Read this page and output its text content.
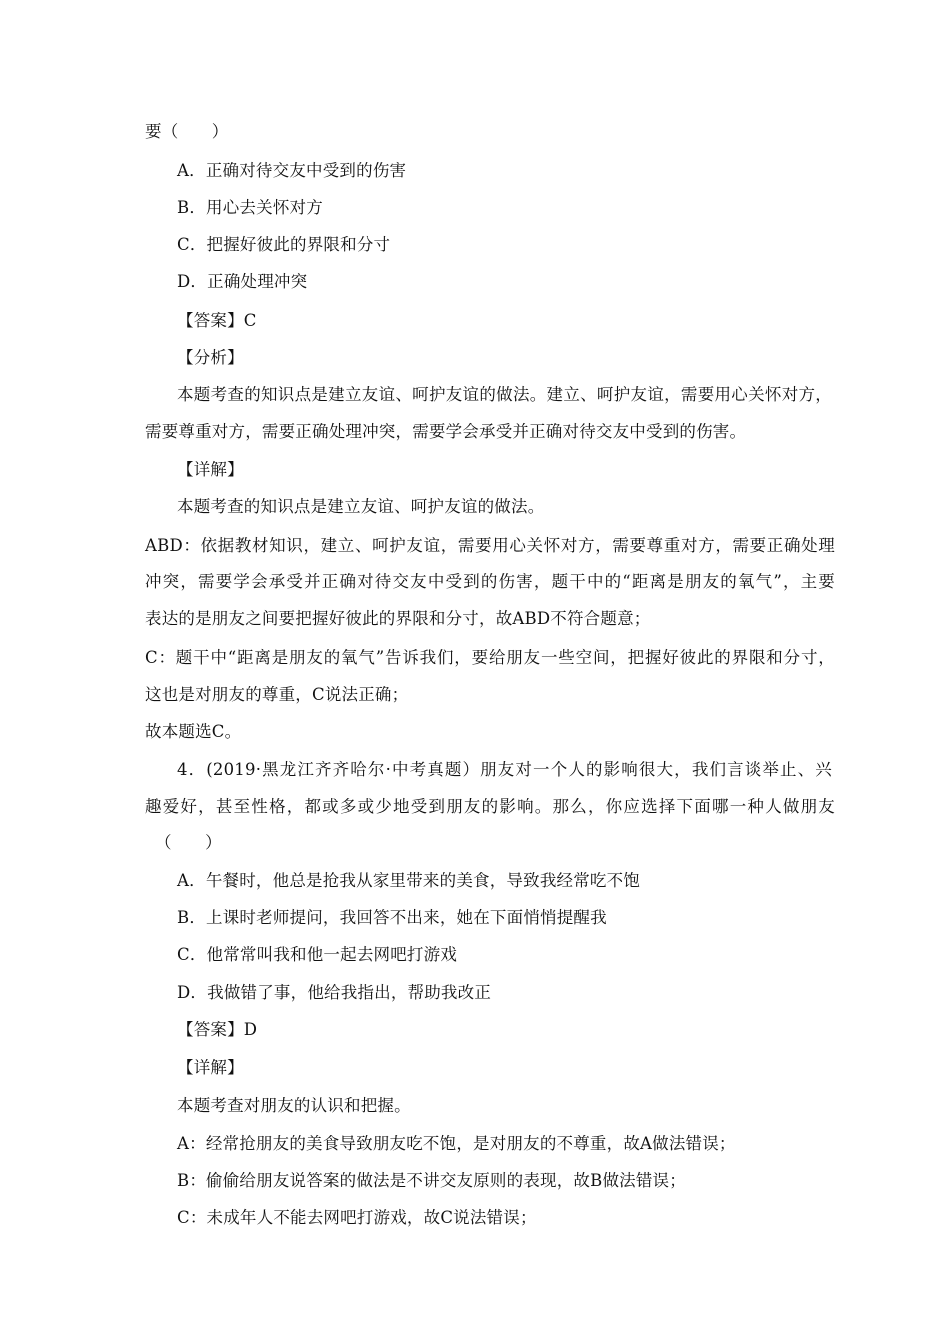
要（　　）
A．正确对待交友中受到的伤害
B．用心去关怀对方
C．把握好彼此的界限和分寸
D．正确处理冲突
【答案】C
【分析】
本题考查的知识点是建立友谊、呵护友谊的做法。建立、呵护友谊，需要用心关怀对方，
需要尊重对方，需要正确处理冲突，需要学会承受并正确对待交友中受到的伤害。
【详解】
本题考查的知识点是建立友谊、呵护友谊的做法。
ABD：依据教材知识，建立、呵护友谊，需要用心关怀对方，需要尊重对方，需要正确处理
冲突，需要学会承受并正确对待交友中受到的伤害，题干中的“距离是朋友的氧气”，主要
表达的是朋友之间要把握好彼此的界限和分寸，故ABD不符合题意；
C：题干中“距离是朋友的氧气”告诉我们，要给朋友一些空间，把握好彼此的界限和分寸，
这也是对朋友的尊重，C说法正确；
故本题选C。
4．(2019·黑龙江齐齐哈尔·中考真题）朋友对一个人的影响很大，我们言谈举止、兴
趣爱好，甚至性格，都或多或少地受到朋友的影响。那么，你应选择下面哪一种人做朋友
（　　）
A．午餐时，他总是抢我从家里带来的美食，导致我经常吃不饱
B．上课时老师提问，我回答不出来，她在下面悄悄提醒我
C．他常常叫我和他一起去网吧打游戏
D．我做错了事，他给我指出，帮助我改正
【答案】D
【详解】
本题考查对朋友的认识和把握。
A：经常抢朋友的美食导致朋友吃不饱，是对朋友的不尊重，故A做法错误；
B：偷偷给朋友说答案的做法是不讲交友原则的表现，故B做法错误；
C：未成年人不能去网吧打游戏，故C说法错误；
